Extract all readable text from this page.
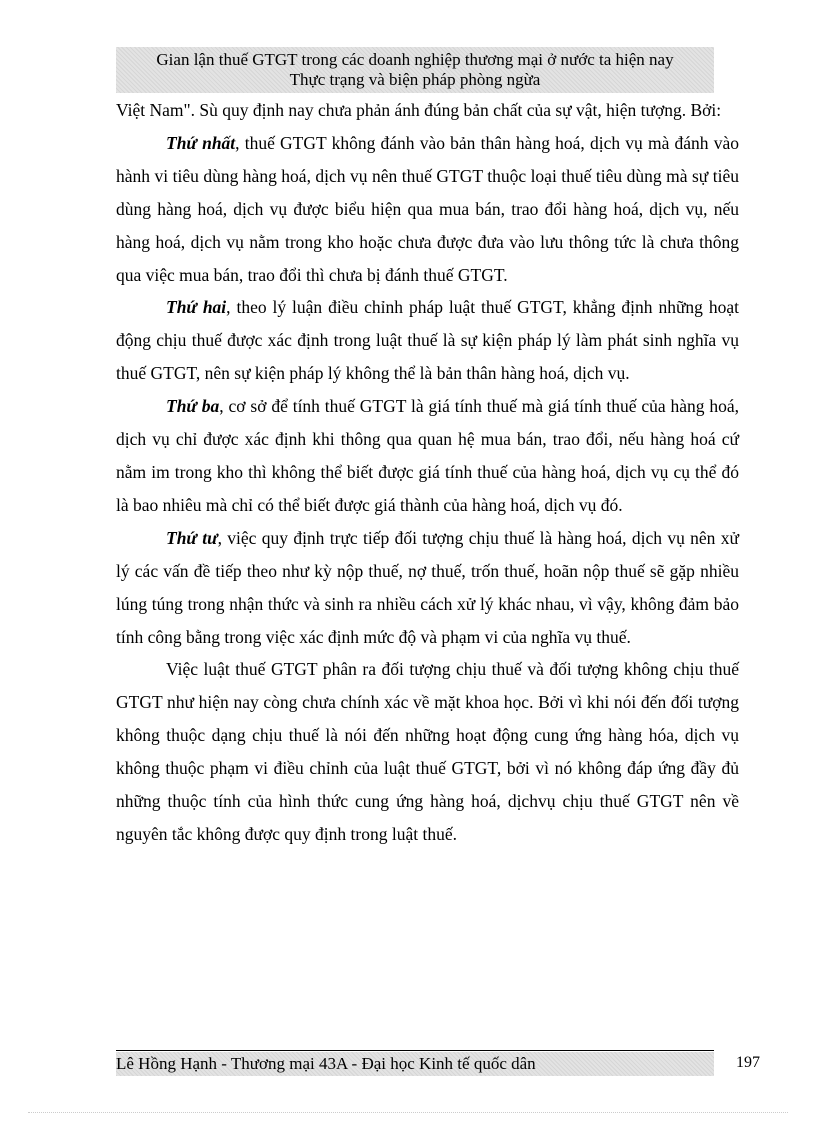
Gian lận thuế GTGT trong các doanh nghiệp thương mại ở nước ta hiện nay
Thực trạng và biện pháp phòng ngừa

Việt Nam". Sù quy định nay chưa phản ánh đúng bản chất của sự vật, hiện tượng. Bởi:

Thứ nhất, thuế GTGT không đánh vào bản thân hàng hoá, dịch vụ mà đánh vào hành vi tiêu dùng hàng hoá, dịch vụ nên thuế GTGT thuộc loại thuế tiêu dùng mà sự tiêu dùng hàng hoá, dịch vụ được biểu hiện qua mua bán, trao đổi hàng hoá, dịch vụ, nếu hàng hoá, dịch vụ nằm trong kho hoặc chưa được đưa vào lưu thông tức là chưa thông qua việc mua bán, trao đổi thì chưa bị đánh thuế GTGT.

Thứ hai, theo lý luận điều chỉnh pháp luật thuế GTGT, khẳng định những hoạt động chịu thuế được xác định trong luật thuế là sự kiện pháp lý làm phát sinh nghĩa vụ thuế GTGT, nên sự kiện pháp lý không thể là bản thân hàng hoá, dịch vụ.

Thứ ba, cơ sở để tính thuế GTGT là giá tính thuế mà giá tính thuế của hàng hoá, dịch vụ chỉ được xác định khi thông qua quan hệ mua bán, trao đổi, nếu hàng hoá cứ nằm im trong kho thì không thể biết được giá tính thuế của hàng hoá, dịch vụ cụ thể đó là bao nhiêu mà chỉ có thể biết được giá thành của hàng hoá, dịch vụ đó.

Thứ tư, việc quy định trực tiếp đối tượng chịu thuế là hàng hoá, dịch vụ nên xử lý các vấn đề tiếp theo như kỳ nộp thuế, nợ thuế, trốn thuế, hoãn nộp thuế sẽ gặp nhiều lúng túng trong nhận thức và sinh ra nhiều cách xử lý khác nhau, vì vậy, không đảm bảo tính công bằng trong việc xác định mức độ và phạm vi của nghĩa vụ thuế.

Việc luật thuế GTGT phân ra đối tượng chịu thuế và đối tượng không chịu thuế GTGT như hiện nay còng chưa chính xác về mặt khoa học. Bởi vì khi nói đến đối tượng không thuộc dạng chịu thuế là nói đến những hoạt động cung ứng hàng hóa, dịch vụ không thuộc phạm vi điều chỉnh của luật thuế GTGT, bởi vì nó không đáp ứng đầy đủ những thuộc tính của hình thức cung ứng hàng hoá, dịchvụ chịu thuế GTGT nên về nguyên tắc không được quy định trong luật thuế.

Lê Hồng Hạnh - Thương mại 43A - Đại học Kinh tế quốc dân	197
